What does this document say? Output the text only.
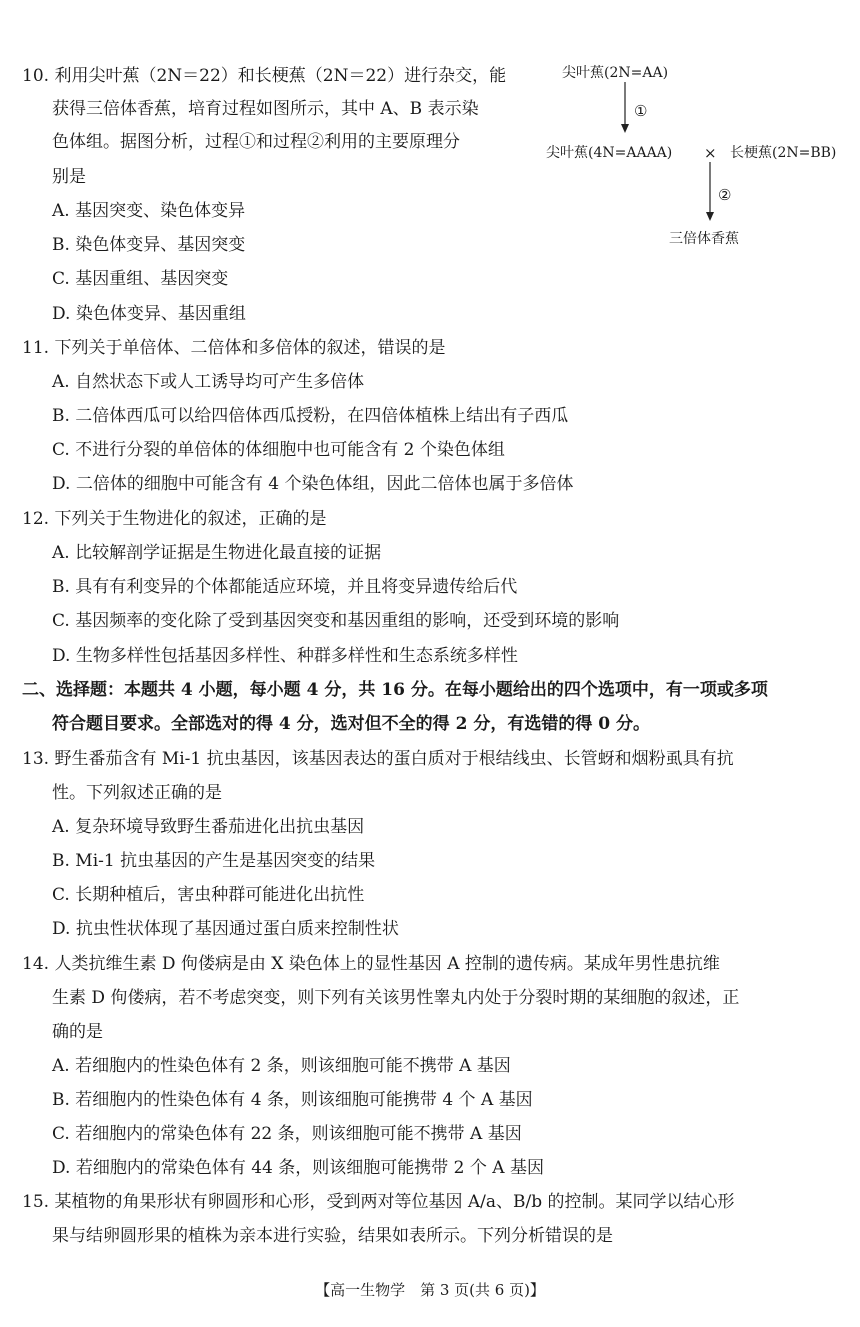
10. 利用尖叶蕉（2N＝22）和长梗蕉（2N＝22）进行杂交，能
获得三倍体香蕉，培育过程如图所示，其中 A、B 表示染
色体组。据图分析，过程①和过程②利用的主要原理分
别是
A. 基因突变、染色体变异
B. 染色体变异、基因突变
C. 基因重组、基因突变
D. 染色体变异、基因重组
尖叶蕉(2N=AA)
①
尖叶蕉(4N=AAAA) × 长梗蕉(2N=BB)
②
三倍体香蕉
11. 下列关于单倍体、二倍体和多倍体的叙述，错误的是
A. 自然状态下或人工诱导均可产生多倍体
B. 二倍体西瓜可以给四倍体西瓜授粉，在四倍体植株上结出有子西瓜
C. 不进行分裂的单倍体的体细胞中也可能含有 2 个染色体组
D. 二倍体的细胞中可能含有 4 个染色体组，因此二倍体也属于多倍体
12. 下列关于生物进化的叙述，正确的是
A. 比较解剖学证据是生物进化最直接的证据
B. 具有有利变异的个体都能适应环境，并且将变异遗传给后代
C. 基因频率的变化除了受到基因突变和基因重组的影响，还受到环境的影响
D. 生物多样性包括基因多样性、种群多样性和生态系统多样性
二、选择题：本题共 4 小题，每小题 4 分，共 16 分。在每小题给出的四个选项中，有一项或多项
符合题目要求。全部选对的得 4 分，选对但不全的得 2 分，有选错的得 0 分。
13. 野生番茄含有 Mi-1 抗虫基因，该基因表达的蛋白质对于根结线虫、长管蚜和烟粉虱具有抗
性。下列叙述正确的是
A. 复杂环境导致野生番茄进化出抗虫基因
B. Mi-1 抗虫基因的产生是基因突变的结果
C. 长期种植后，害虫种群可能进化出抗性
D. 抗虫性状体现了基因通过蛋白质来控制性状
14. 人类抗维生素 D 佝偻病是由 X 染色体上的显性基因 A 控制的遗传病。某成年男性患抗维
生素 D 佝偻病，若不考虑突变，则下列有关该男性睾丸内处于分裂时期的某细胞的叙述，正
确的是
A. 若细胞内的性染色体有 2 条，则该细胞可能不携带 A 基因
B. 若细胞内的性染色体有 4 条，则该细胞可能携带 4 个 A 基因
C. 若细胞内的常染色体有 22 条，则该细胞可能不携带 A 基因
D. 若细胞内的常染色体有 44 条，则该细胞可能携带 2 个 A 基因
15. 某植物的角果形状有卵圆形和心形，受到两对等位基因 A/a、B/b 的控制。某同学以结心形
果与结卵圆形果的植株为亲本进行实验，结果如表所示。下列分析错误的是
【高一生物学　第 3 页(共 6 页)】
